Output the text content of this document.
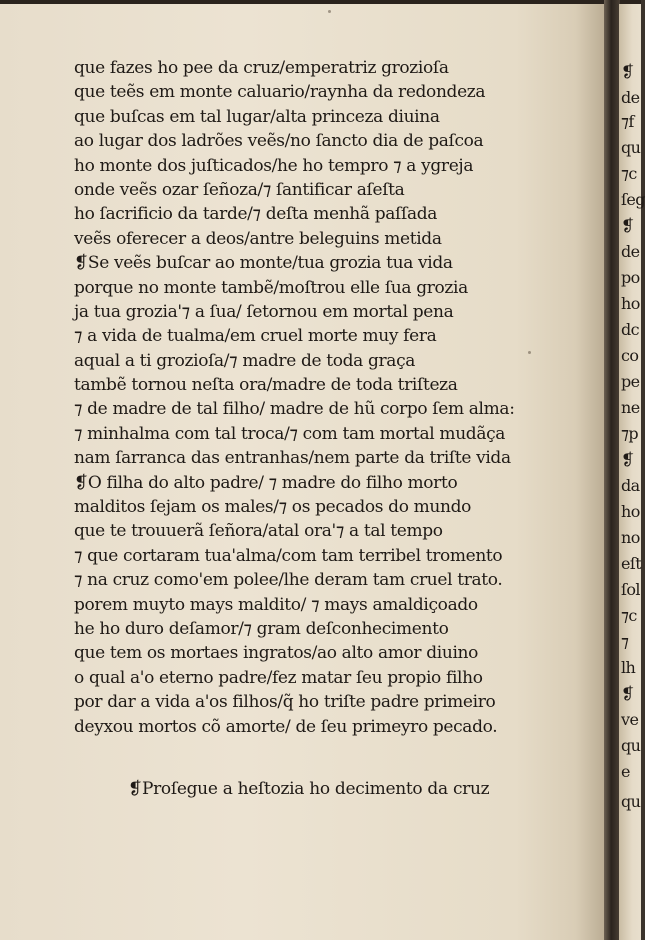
que fazes ho pee da cruz/emperatriz grozioſa
que teẽs em monte caluario/raynha da redondeza
que buſcas em tal lugar/alta princeza diuina
ao lugar dos ladrões veẽs/no ſancto dia de paſcoa
ho monte dos juſticados/he ho tempro ⁊ a ygreja
onde veẽs ozar ſeñoza/⁊ ſantificar aſeſta
ho ſacrificio da tarde/⁊ deſta menhã paſſada
veẽs oferecer a deos/antre beleguins metida
❡Se veẽs buſcar ao monte/tua grozia tua vida
porque no monte tambẽ/moſtrou elle ſua grozia
ja tua grozia'⁊ a ſua/ ſetornou em mortal pena
⁊ a vida de tualma/em cruel morte muy fera
aqual a ti grozioſa/⁊ madre de toda graça
tambẽ tornou neſta ora/madre de toda triſteza
⁊ de madre de tal filho/ madre de hũ corpo ſem alma:
⁊ minhalma com tal troca/⁊ com tam mortal mudãça
nam ſarranca das entranhas/nem parte da triſte vida
❡O filha do alto padre/ ⁊ madre do filho morto
malditos ſejam os males/⁊ os pecados do mundo
que te trouuerã ſeñora/atal ora'⁊ a tal tempo
⁊ que cortaram tua'alma/com tam terribel tromento
⁊ na cruz como'em polee/lhe deram tam cruel trato.
porem muyto mays maldito/ ⁊ mays amaldiçoado
he ho duro deſamor/⁊ gram deſconhecimento
que tem os mortaes ingratos/ao alto amor diuino
o qual a'o eterno padre/fez matar ſeu propio filho
por dar a vida a'os filhos/q̃ ho triſte padre primeiro
deyxou mortos cõ amorte/ de ſeu primeyro pecado.
❡Proſegue a heſtozia ho decimento da cruz
❡
de
⁊f
qu
⁊c
ſeg
❡
de
po
ho
dc
co
pe
ne
⁊p
❡
da
ho
no
eſt
ſol
⁊c
⁊
lh
❡
ve
qu
e
qu
